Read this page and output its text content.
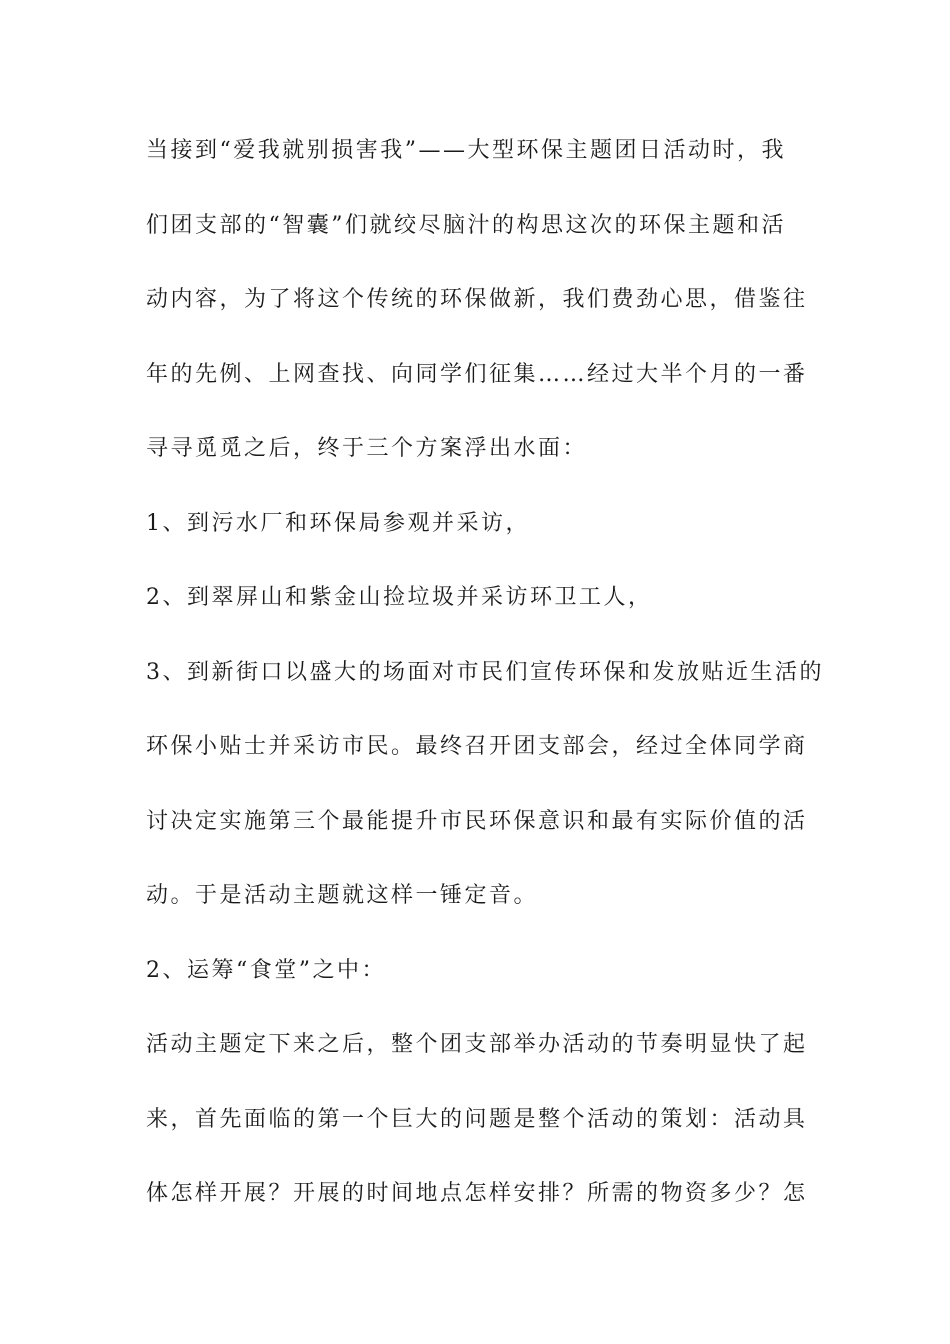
当接到“爱我就别损害我”——大型环保主题团日活动时，我
们团支部的“智囊”们就绞尽脑汁的构思这次的环保主题和活
动内容，为了将这个传统的环保做新，我们费劲心思，借鉴往
年的先例、上网查找、向同学们征集……经过大半个月的一番
寻寻觅觅之后，终于三个方案浮出水面：
1、到污水厂和环保局参观并采访，
2、到翠屏山和紫金山捡垃圾并采访环卫工人，
3、到新街口以盛大的场面对市民们宣传环保和发放贴近生活的
环保小贴士并采访市民。最终召开团支部会，经过全体同学商
讨决定实施第三个最能提升市民环保意识和最有实际价值的活
动。于是活动主题就这样一锤定音。
2、运筹“食堂”之中：
活动主题定下来之后，整个团支部举办活动的节奏明显快了起
来，首先面临的第一个巨大的问题是整个活动的策划：活动具
体怎样开展？开展的时间地点怎样安排？所需的物资多少？怎
